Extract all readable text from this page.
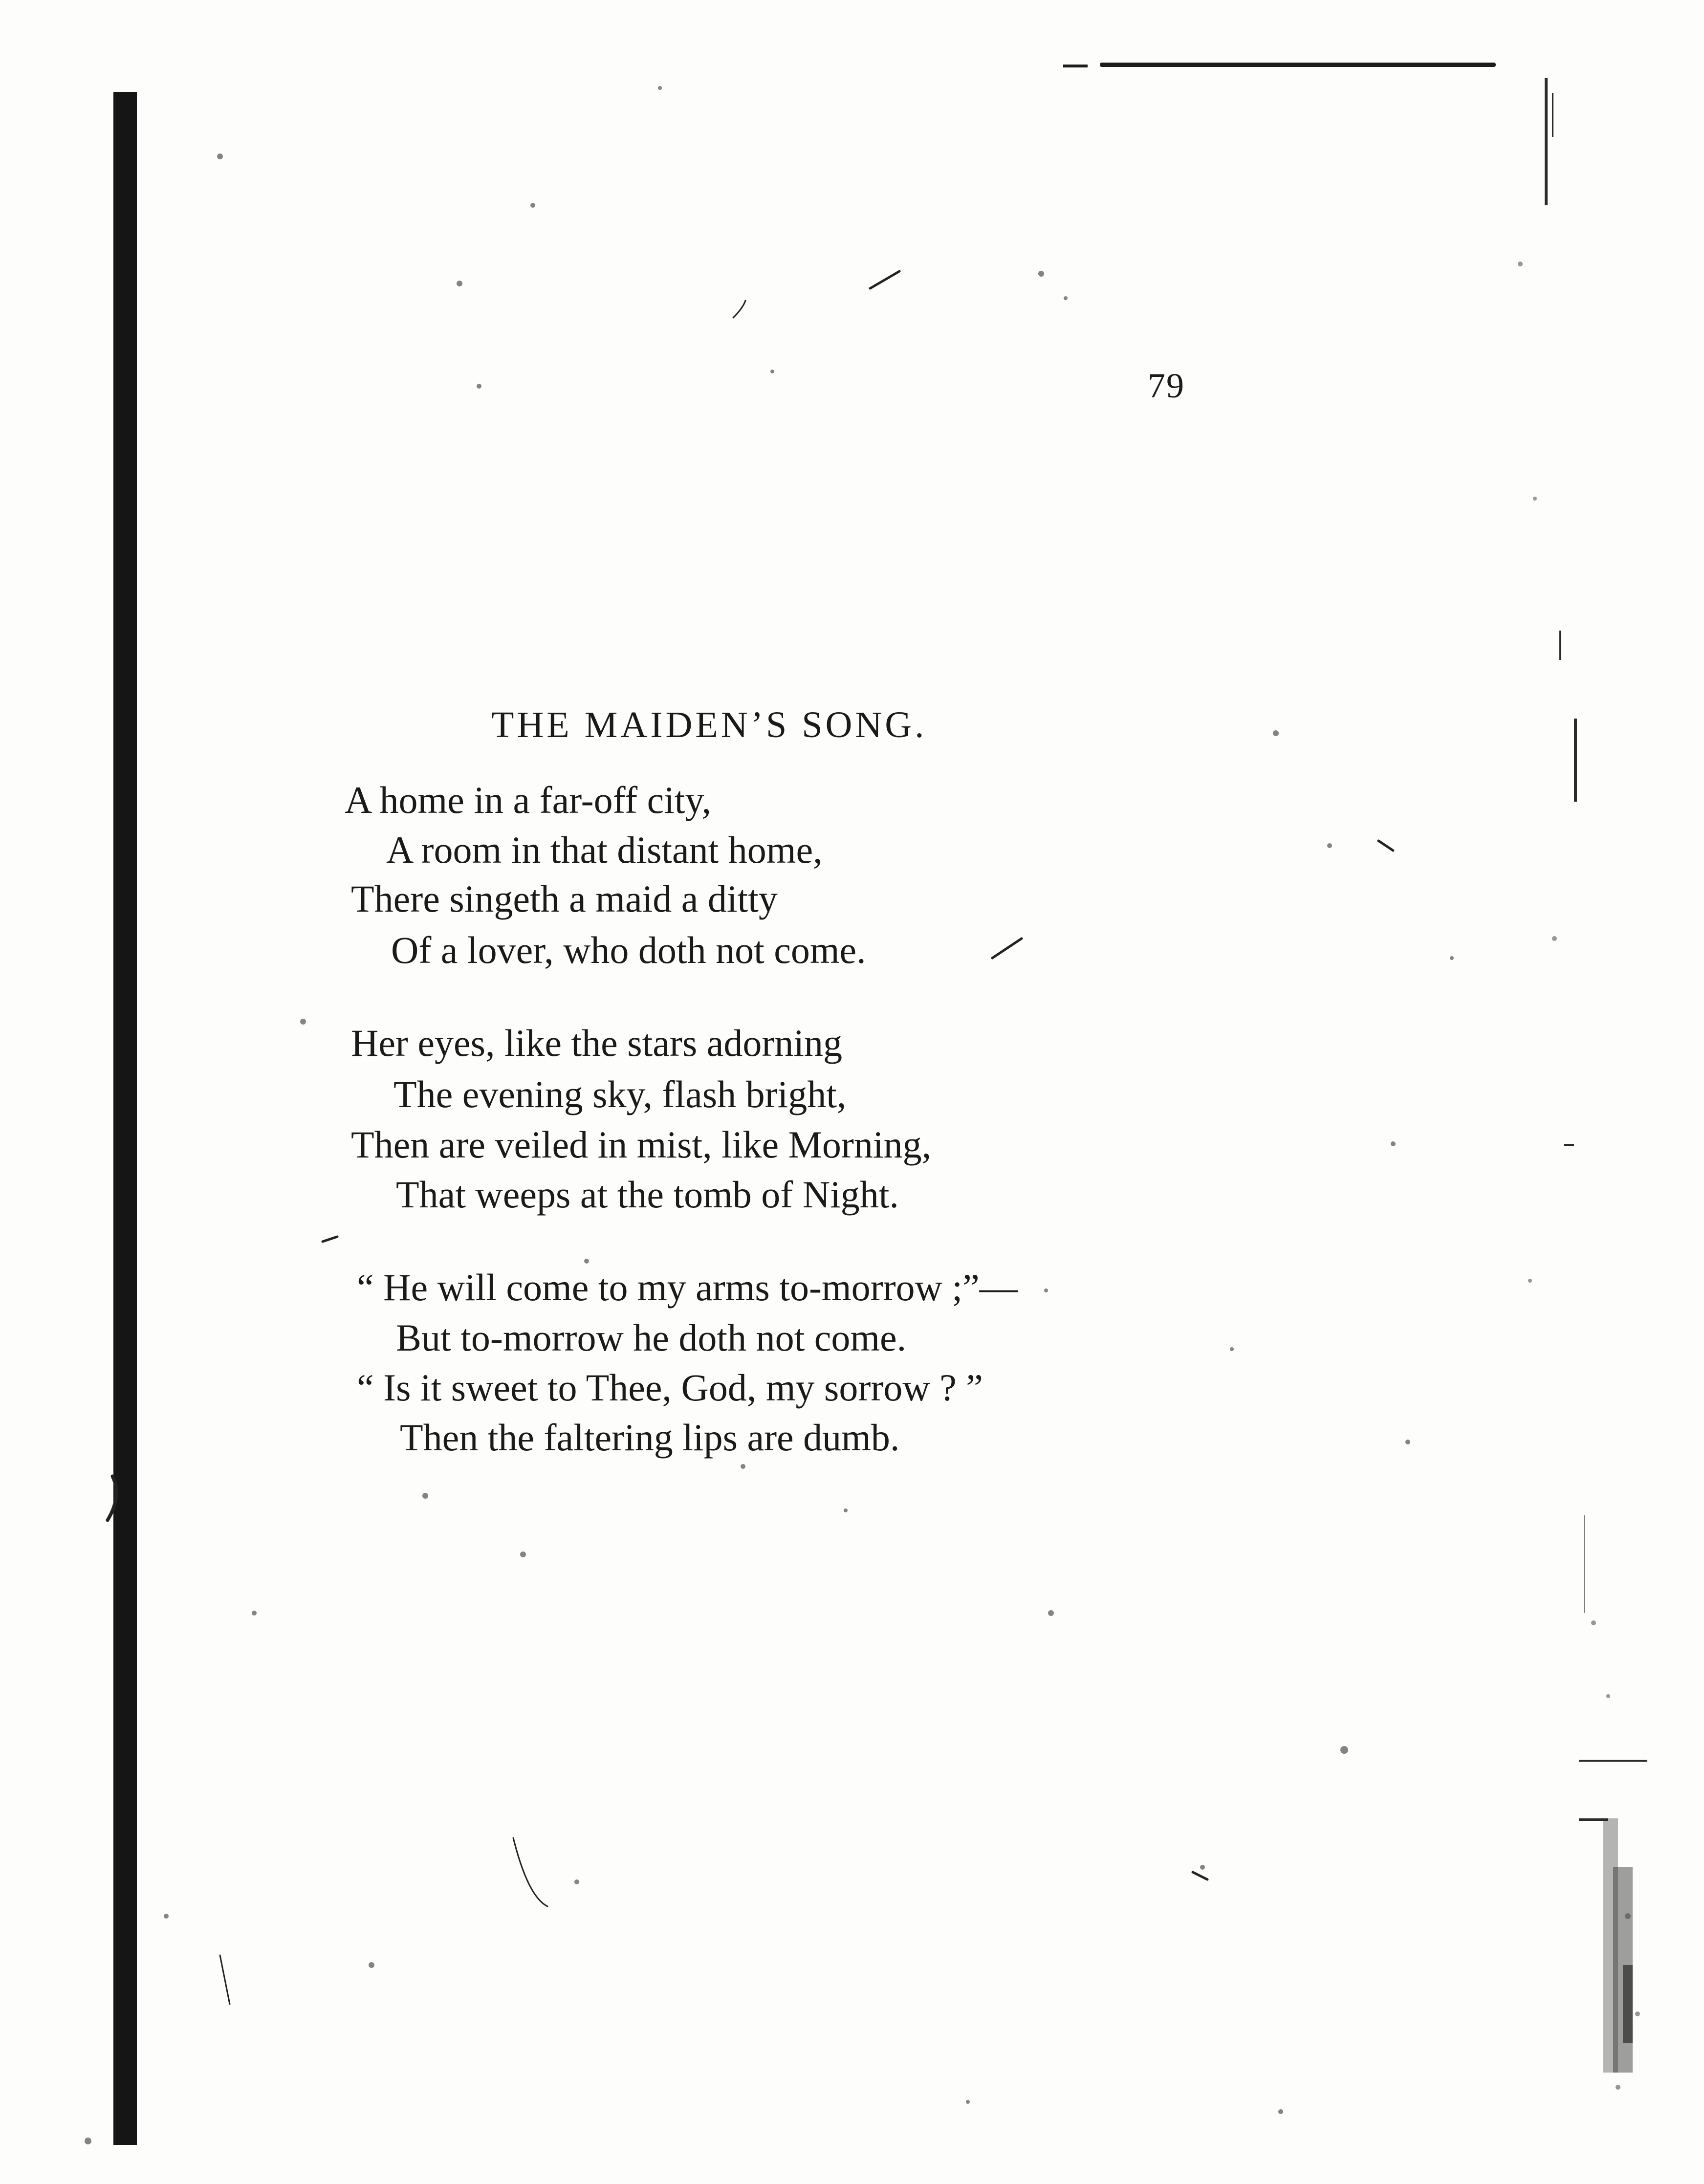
79
THE MAIDEN’S SONG.
A home in a far-off city,
A room in that distant home,
There singeth a maid a ditty
Of a lover, who doth not come.
Her eyes, like the stars adorning
The evening sky, flash bright,
Then are veiled in mist, like Morning,
That weeps at the tomb of Night.
“ He will come to my arms to-morrow ;”—
But to-morrow he doth not come.
“ Is it sweet to Thee, God, my sorrow ? ”
Then the faltering lips are dumb.
